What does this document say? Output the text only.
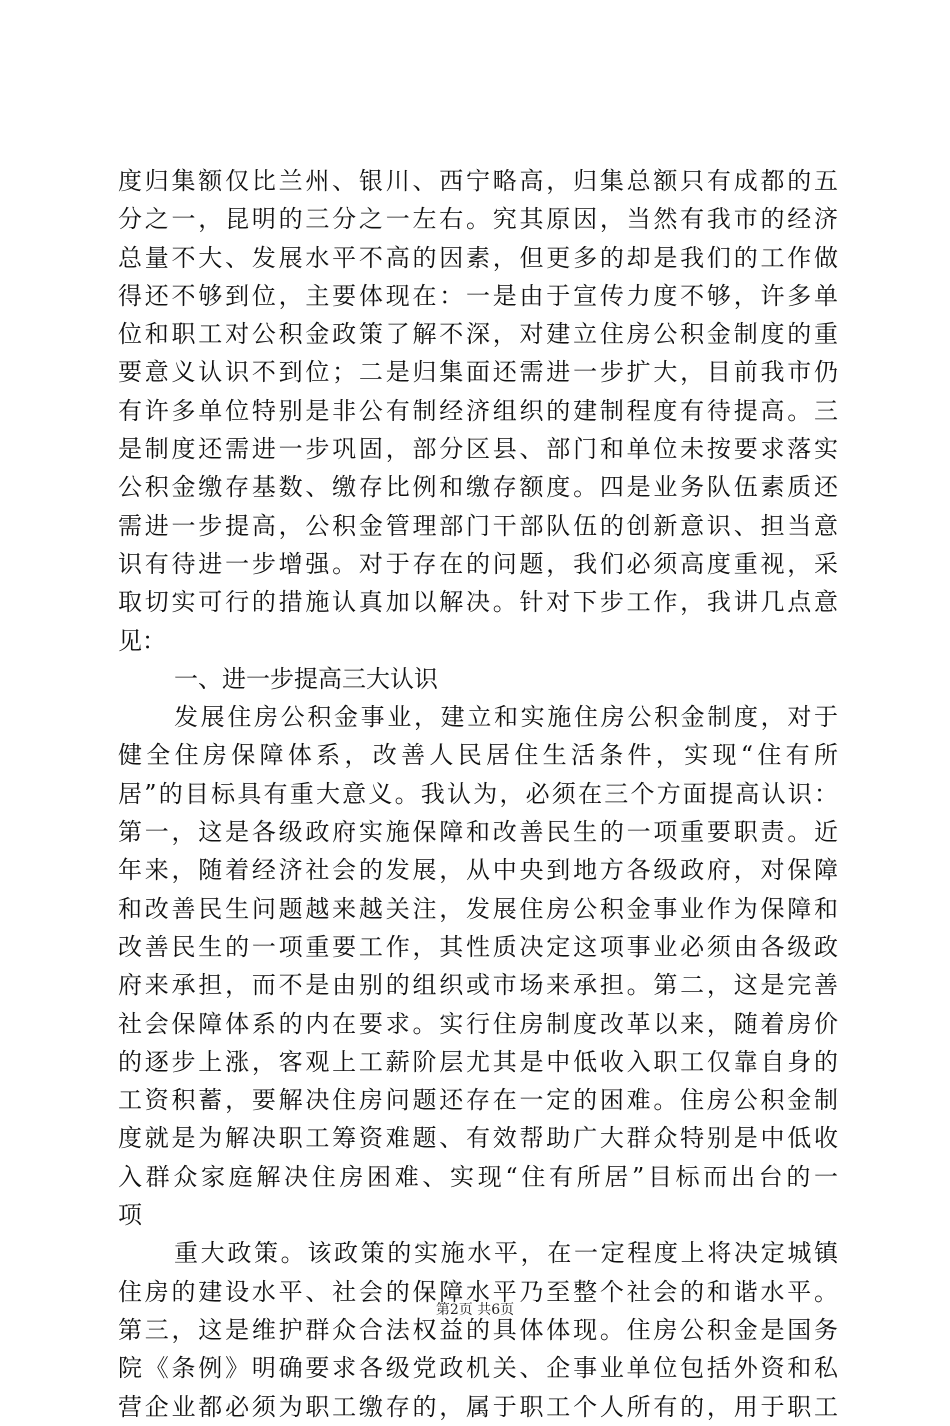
度归集额仅比兰州、银川、西宁略高，归集总额只有成都的五
分之一，昆明的三分之一左右。究其原因，当然有我市的经济
总量不大、发展水平不高的因素，但更多的却是我们的工作做
得还不够到位，主要体现在：一是由于宣传力度不够，许多单
位和职工对公积金政策了解不深，对建立住房公积金制度的重
要意义认识不到位；二是归集面还需进一步扩大，目前我市仍
有许多单位特别是非公有制经济组织的建制程度有待提高。三
是制度还需进一步巩固，部分区县、部门和单位未按要求落实
公积金缴存基数、缴存比例和缴存额度。四是业务队伍素质还
需进一步提高，公积金管理部门干部队伍的创新意识、担当意
识有待进一步增强。对于存在的问题，我们必须高度重视，采
取切实可行的措施认真加以解决。针对下步工作，我讲几点意
见：
一、进一步提高三大认识
发展住房公积金事业，建立和实施住房公积金制度，对于
健全住房保障体系，改善人民居住生活条件，实现“住有所
居”的目标具有重大意义。我认为，必须在三个方面提高认识：
第一，这是各级政府实施保障和改善民生的一项重要职责。近
年来，随着经济社会的发展，从中央到地方各级政府，对保障
和改善民生问题越来越关注，发展住房公积金事业作为保障和
改善民生的一项重要工作，其性质决定这项事业必须由各级政
府来承担，而不是由别的组织或市场来承担。第二，这是完善
社会保障体系的内在要求。实行住房制度改革以来，随着房价
的逐步上涨，客观上工薪阶层尤其是中低收入职工仅靠自身的
工资积蓄，要解决住房问题还存在一定的困难。住房公积金制
度就是为解决职工筹资难题、有效帮助广大群众特别是中低收
入群众家庭解决住房困难、实现“住有所居”目标而出台的一
项
重大政策。该政策的实施水平，在一定程度上将决定城镇
住房的建设水平、社会的保障水平乃至整个社会的和谐水平。
第三，这是维护群众合法权益的具体体现。住房公积金是国务
院《条例》明确要求各级党政机关、企事业单位包括外资和私
营企业都必须为职工缴存的，属于职工个人所有的，用于职工
第2页 共6页
